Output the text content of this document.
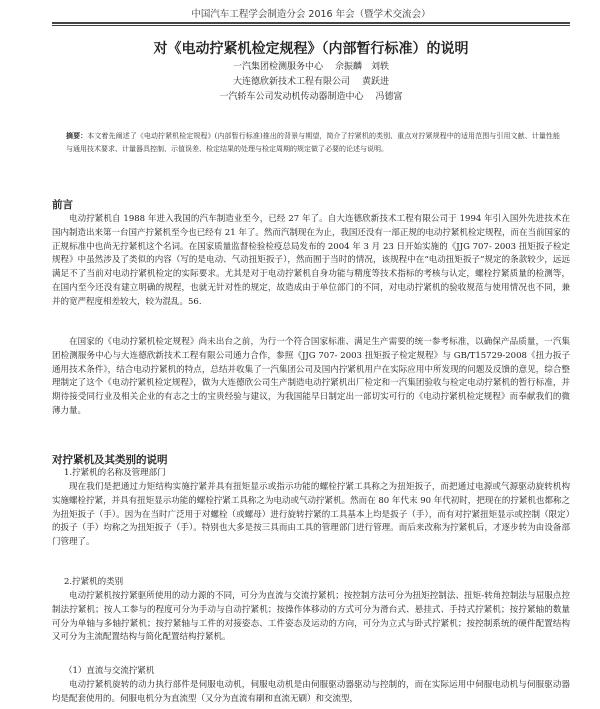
中国汽车工程学会制造分会 2016 年会（暨学术交流会）
对《电动拧紧机检定规程》（内部暂行标准）的说明
一汽集团检测服务中心 佘振麟　刘轶
大连德欣新技术工程有限公司 黄跃进
一汽轿车公司发动机传动器制造中心 冯德富
摘要：本文着先阐述了《电动拧紧机检定规程》(内部暂行标准)推出的背景与期望，简介了拧紧机的类别、重点对拧紧规程中的适用范围与引用文献、计量性能与通用技术要求、计量器具控制、示值误差、检定结果的处理与检定周期的规定做了必要的论述与说明。
前言

电动拧紧机自 1988 年进入我国的汽车制造业至今，已经 27 年了。自大连德欣新技术工程有限公司于 1994 年引入国外先进技术在国内制造出来第一台国产拧紧机至今也已经有 21 年了。然而汽制现在为止，我国还没有一部正规的电动拧紧机检定规程，而在当前国家的正规标准中也尚无拧紧机这个名词。在国家质量监督检验检疫总局发布的 2004 年 3 月 23 日开始实施的《JJG 707- 2003 扭矩扳子检定规程》中虽然涉及了类似的内容（写的是电动、气动扭矩扳子），然而囿于当时的情况，该规程中在“电动扭矩扳子”规定的条款较少，远远满足不了当前对电动拧紧机检定的实际要求。尤其是对于电动拧紧机自身功能与精度等技术指标的考核与认定，螺栓拧紧质量的检测等，在国内至今还没有建立明确的规程，也就无针对性的规定，故造成由于单位部门的不同，对电动拧紧机的验收规范与使用情况也不同，兼并的宽严程度相差较大，较为混乱。56.

在国家的《电动拧紧机检定规程》尚未出台之前，为行一个符合国家标准、满足生产需要的统一参考标准，以确保产品质量，一汽集团检测服务中心与大连德欣新技术工程有限公司通力合作，参照《JJG 707- 2003 扭矩扳子检定规程》与 GB/T15729-2008《扭力扳子通用技术条件》，结合电动拧紧机的特点，总结并收集了一汽集团公司及国内拧紧机用户在实际应用中所发现的问题及反馈的意见，综合整理制定了这个《电动拧紧机检定规程》，做为大连德欣公司生产制造电动拧紧机出厂检定和一汽集团验收与检定电动拧紧机的暂行标准，并期待接受同行业及相关企业的有志之士的宝贵经验与建议，为我国能早日制定出一部切实可行的《电动拧紧机检定规程》而奉献我们的微薄力量。

对拧紧机及其类别的说明
1.拧紧机的名称及管理部门

现在我们是把通过力矩结构实施拧紧并具有扭矩显示或指示功能的螺栓拧紧工具称之为扭矩扳子，而把通过电源或气源驱动旋转机构实施螺栓拧紧，并具有扭矩显示功能的螺栓拧紧工具称之为电动或气动拧紧机。然而在 80 年代末 90 年代初时，把现在的拧紧机也都称之为扭矩扳子（手）。因为在当时广泛用于对螺栓（或螺母）进行旋转拧紧的工具基本上均是扳子（手），而有对拧紧扭矩显示或控制（限定）的扳子（手）均称之为扭矩扳子（手）。特别也大多是按三具而由工具的管理部门进行管理。而后来改称为拧紧机后，才逐步转为由设备部门管理了。

2.拧紧机的类别

电动拧紧机按拧紧驱所使用的动力源的不同，可分为直流与交流拧紧机；按控制方法可分为扭矩控制法、扭矩-转角控制法与屈服点控制法拧紧机；按人工参与的程度可分为手动与自动拧紧机；按操作体移动的方式可分为滑台式、悬挂式、手持式拧紧机；按拧紧轴的数量可分为单轴与多轴拧紧机；按拧紧轴与工件的对接姿态、工件姿态及运动的方向，可分为立式与卧式拧紧机；按控制系统的硬件配置结构又可分为主流配置结构与简化配置结构拧紧机。

（1）直流与交流拧紧机

电动拧紧机旋转的动力执行部件是伺服电动机，伺服电动机是由伺服驱动器驱动与控制的，而在实际运用中伺服电动机与伺服驱动器均是配套使用的。伺服电机分为直流型（又分为直流有刷和直流无刷）和交流型，
